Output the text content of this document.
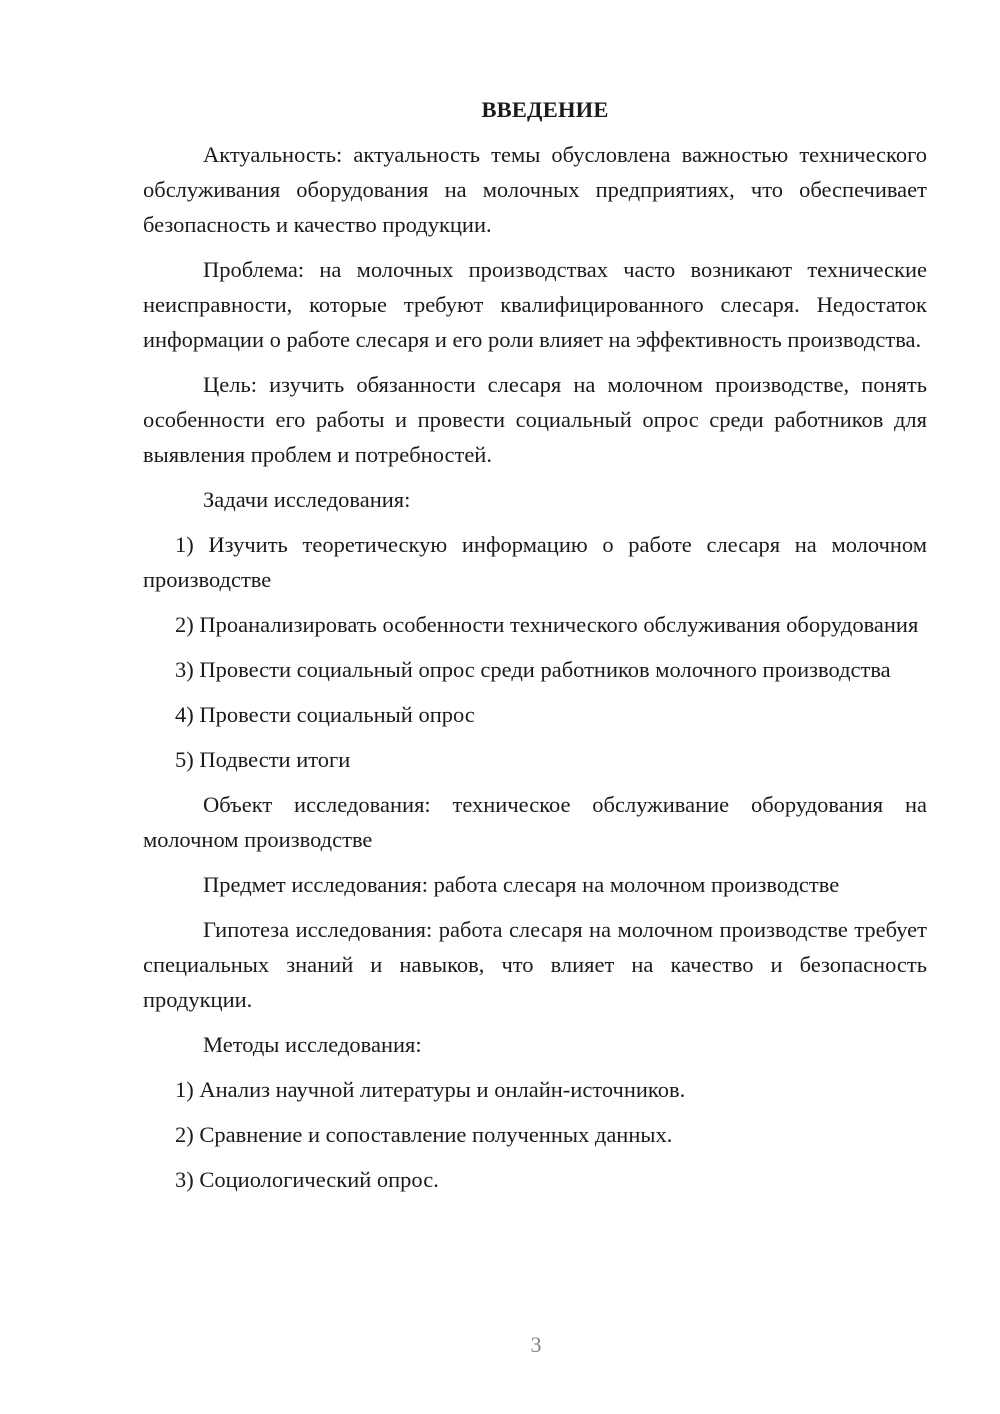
ВВЕДЕНИЕ

Актуальность: актуальность темы обусловлена важностью технического обслуживания оборудования на молочных предприятиях, что обеспечивает безопасность и качество продукции.

Проблема: на молочных производствах часто возникают технические неисправности, которые требуют квалифицированного слесаря. Недостаток информации о работе слесаря и его роли влияет на эффективность производства.

Цель: изучить обязанности слесаря на молочном производстве, понять особенности его работы и провести социальный опрос среди работников для выявления проблем и потребностей.

Задачи исследования:

1) Изучить теоретическую информацию о работе слесаря на молочном производстве

2) Проанализировать особенности технического обслуживания оборудования

3) Провести социальный опрос среди работников молочного производства

4) Провести социальный опрос

5) Подвести итоги

Объект исследования: техническое обслуживание оборудования на молочном производстве

Предмет исследования: работа слесаря на молочном производстве

Гипотеза исследования: работа слесаря на молочном производстве требует специальных знаний и навыков, что влияет на качество и безопасность продукции.

Методы исследования:

1) Анализ научной литературы и онлайн-источников.

2) Сравнение и сопоставление полученных данных.

3) Социологический опрос.

3
